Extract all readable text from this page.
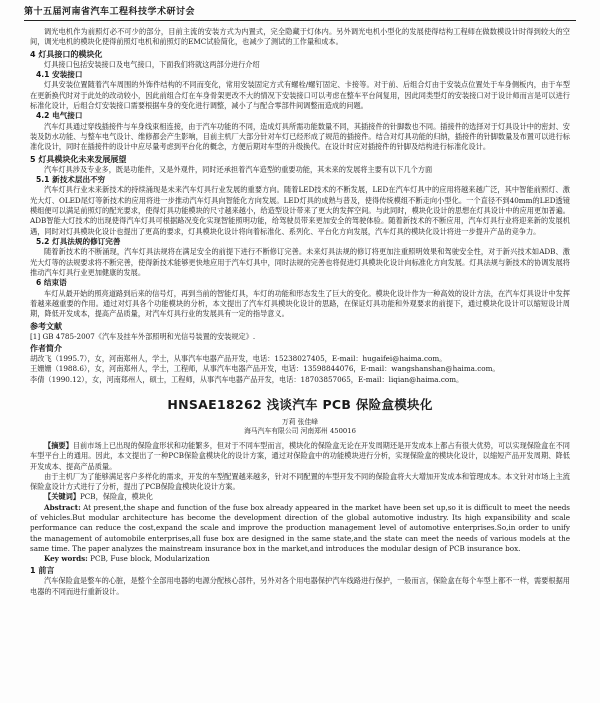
第十五届河南省汽车工程科技学术研讨会

调光电机作为前照灯必不可少的部分，目前主流的安装方式为内置式，完全隐藏于灯体内。另外调光电机小型化的发展使得结构工程师在做数模设计时得到较大的空间，调光电机的模块化使得前照灯电机和前照灯的EMC试验简化，也减少了测试的工作量和成本。

4 灯具接口的模块化

灯具接口包括安装接口及电气接口，下面我们将就这两部分进行介绍

4.1 安装接口

灯具安装位置随着汽车周围的外饰件结构的不同而变化，常用安装固定方式有螺栓/螺钉固定、卡接等。对于前、后组合灯由于安装点位置处于车身侧板内，由于车型在更新换代时对于此处的改动较小，因此前组合灯在车身骨架更改不大的情况下安装接口可以考虑在整车平台间复用，因此同类型灯的安装接口对于设计师而言是可以进行标准化设计，后组合灯安装接口需要根据车身的变化进行调整，减小了与配合零部件间调整而造成的问题。

4.2 电气接口

汽车灯具通过穿线插接件与车身线束相连接，由于汽车功能的不同，造成灯具所需功能数量不同，其插接件的针脚数也不同。插接件的选择对于灯具设计中的密封、安装及防水功能、与整车电气设计、维修都会产生影响，目前主机厂大部分针对车灯已经形成了规范的插接件。结合对灯具功能的归纳，插接件的针脚数量及布置可以进行标准化设计，同时在插接件的设计中应尽量考虑到平台化的概念，方便后期对车型的升级换代。在设计时应对插接件的针脚及结构进行标准化设计。

5 灯具模块化未来发展展望

汽车灯具涉及专业多，既是功能件，又是外观件，同时还承担着汽车造型的重要功能，其未来的发展将主要有以下几个方面

5.1 新技术层出不穷

汽车灯具行业未来新技术的持续涌现是未来汽车灯具行业发展的重要方向。随着LED技术的不断发展，LED在汽车灯具中的应用将越来越广泛，其中智能前照灯、激光大灯、OLED尾灯等新技术的应用将进一步推动汽车灯具向智能化方向发展。LED灯具的成熟与普及，使得传统模组不断走向小型化。一个直径不到40mm的LED透镜模组便可以满足前照灯的配光要求，使得灯具功能模块的尺寸越来越小，给造型设计带来了更大的发挥空间。与此同时，模块化设计的思想在灯具设计中的应用更加普遍。ADB智能大灯技术的出现使得汽车灯具可根据路况变化实现智能照明功能，给驾驶员带来更加安全的驾驶体验。随着新技术的不断应用，汽车灯具行业将迎来新的发展机遇，同时对灯具模块化设计也提出了更高的要求，灯具模块化设计将向着标准化、系列化、平台化方向发展，汽车灯具的模块化设计将进一步提升产品的竞争力。

5.2 灯具法规的修订完善

随着新技术的不断涌现，汽车灯具法规将在满足安全的前提下进行不断修订完善。未来灯具法规的修订将更加注重照明效果和驾驶安全性，对于新兴技术如ADB、激光大灯等的法规要求将不断完善，使得新技术能够更快地应用于汽车灯具中，同时法规的完善也将促进灯具模块化设计向标准化方向发展。灯具法规与新技术的协调发展将推动汽车灯具行业更加健康的发展。

6 结束语

车灯从最开始的照亮道路到后来的信号灯，再到当前的智能灯具，车灯的功能和形态发生了巨大的变化。模块化设计作为一种高效的设计方法，在汽车灯具设计中发挥着越来越重要的作用。通过对灯具各个功能模块的分析，本文提出了汽车灯具模块化设计的思路，在保证灯具功能和外观要求的前提下，通过模块化设计可以缩短设计周期，降低开发成本，提高产品质量，对汽车灯具行业的发展具有一定的指导意义。

参考文献

[1] GB 4785-2007《汽车及挂车外部照明和光信号装置的安装规定》.

作者简介

胡改飞（1995.7），女，河南郑州人，学士，从事汽车电器产品开发，电话：15238027405，E-mail：hugaifei@haima.com。

王姗姗（1988.6），女，河南郑州人，学士，工程师，从事汽车电器产品开发，电话：13598844076，E-mail：wangshanshan@haima.com。

李倩（1990.12），女，河南郑州人，硕士，工程师，从事汽车电器产品开发，电话：18703857065，E-mail：liqian@haima.com。

HNSAE18262 浅谈汽车 PCB 保险盒模块化
万莉 张佳峰
海马汽车有限公司 河南郑州 450016

【摘要】目前市场上已出现的保险盒形状和功能繁多，但对于不同车型而言，模块化的保险盒无论在开发周期还是开发成本上都占有很大优势，可以实现保险盒在不同车型平台上的通用。因此，本文提出了一种PCB保险盒模块化的设计方案，通过对保险盒中的功能模块进行分析，实现保险盒的模块化设计，以缩短产品开发周期、降低开发成本、提高产品质量。

由于主机厂为了能够满足客户多样化的需求，开发的车型配置越来越多，针对不同配置的车型开发不同的保险盒将大大增加开发成本和管理成本。本文针对市场上主流保险盒设计方式进行了分析，提出了PCB保险盒模块化设计方案。

【关键词】PCB，保险盒，模块化

Abstract: At present,the shape and function of the fuse box already appeared in the market have been set up,so it is difficult to meet the needs of vehicles.But modular architecture has become the development direction of the global automotive industry. Its high expansibility and scale performance can reduce the cost,expand the scale and improve the production management level of automotive enterprises.So,in order to unify the management of automobile enterprises,all fuse box are designed in the same state,and the state can meet the needs of various models at the same time. The paper analyzes the mainstream insurance box in the market,and introduces the modular design of PCB insurance box.

Key words: PCB, Fuse block, Modularization

1 前言

汽车保险盒是整车的心脏，是整个全部用电器的电源分配核心部件，另外对各个用电器保护汽车线路进行保护，一般而言，保险盒在每个车型上都不一样，需要根据用电器的不同而进行重新设计。
